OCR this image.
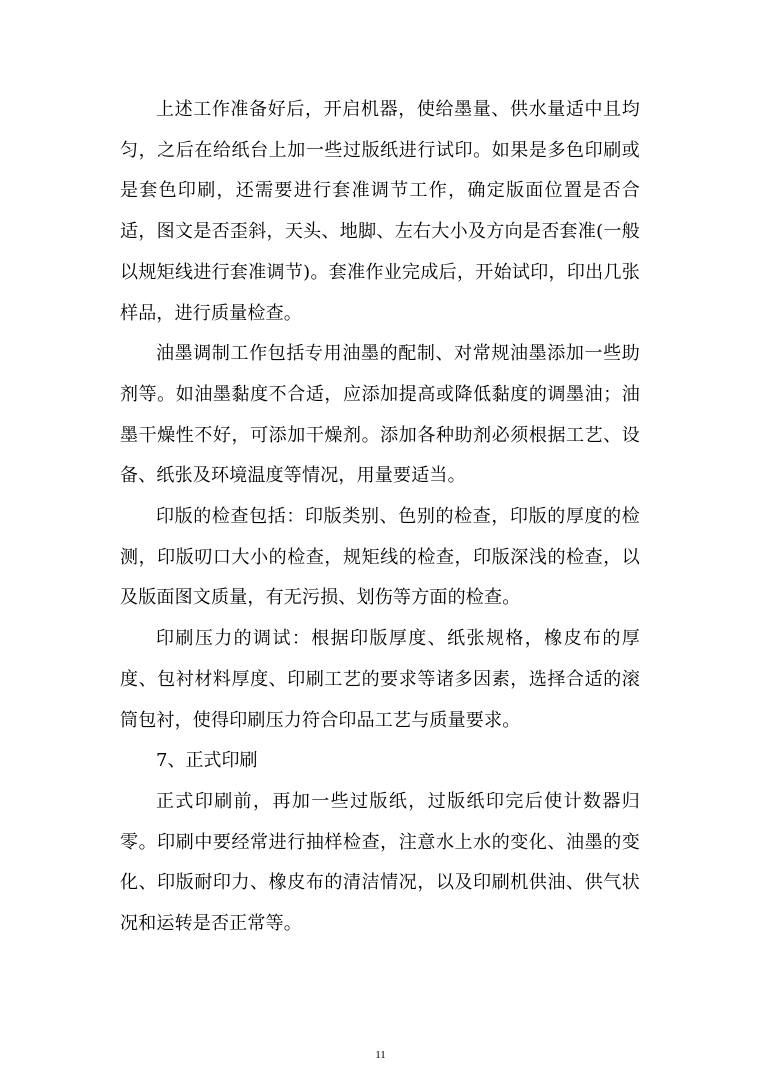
上述工作准备好后，开启机器，使给墨量、供水量适中且均匀，之后在给纸台上加一些过版纸进行试印。如果是多色印刷或是套色印刷，还需要进行套准调节工作，确定版面位置是否合适，图文是否歪斜，天头、地脚、左右大小及方向是否套准(一般以规矩线进行套准调节)。套准作业完成后，开始试印，印出几张样品，进行质量检查。

油墨调制工作包括专用油墨的配制、对常规油墨添加一些助剂等。如油墨黏度不合适，应添加提高或降低黏度的调墨油；油墨干燥性不好，可添加干燥剂。添加各种助剂必须根据工艺、设备、纸张及环境温度等情况，用量要适当。

印版的检查包括：印版类别、色别的检查，印版的厚度的检测，印版叨口大小的检查，规矩线的检查，印版深浅的检查，以及版面图文质量，有无污损、划伤等方面的检查。

印刷压力的调试：根据印版厚度、纸张规格，橡皮布的厚度、包衬材料厚度、印刷工艺的要求等诸多因素，选择合适的滚筒包衬，使得印刷压力符合印品工艺与质量要求。

7、正式印刷

正式印刷前，再加一些过版纸，过版纸印完后使计数器归零。印刷中要经常进行抽样检查，注意水上水的变化、油墨的变化、印版耐印力、橡皮布的清洁情况，以及印刷机供油、供气状况和运转是否正常等。

11
